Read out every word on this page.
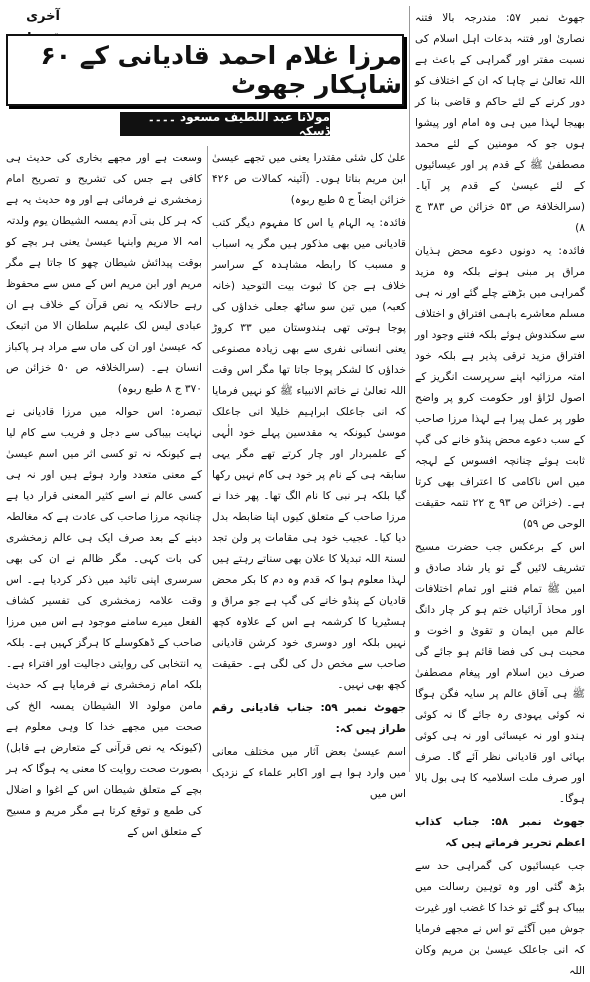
آخری
مرزا غلام احمد قادیانی کے ۶۰ شاہکار جھوٹ
مولانا عبد اللطیف مسعود ۔۔۔۔ ڈسکہ

جھوٹ نمبر ۵۷: مندرجہ بالا فتنہ نصاریٰ اور فتنہ بدعات اہل اسلام کی نسبت مفتر اور گمراہی کے باعث ہے اللہ تعالیٰ نے چاہا کہ ان کے اختلاف کو دور کرنے کے لئے حاکم و قاضی بنا کر بھیجا لہذا میں ہی وہ امام اور پیشوا ہوں جو کہ مومنین کے لئے محمد مصطفیٰ ﷺ کے قدم پر اور عیسائیوں کے لئے عیسیٰ کے قدم پر آیا۔ (سرالخلافۃ ص ۵۳ خزائن ص ۳۸۳ ج ۸)

فائدہ: یہ دونوں دعوے محض ہذیان مراق پر مبنی ہونے بلکہ وہ مزید گمراہی میں بڑھتے چلے گئے اور نہ ہی مسلم معاشرے باہمی افتراق و اختلاف سے سکندوش ہوئے بلکہ فتنے وجود اور افتراق مزید ترقی پذیر ہے بلکہ خود امتہ مرزائیہ اپنے سرپرست انگریز کے اصول لڑاؤ اور حکومت کرو پر واضح طور پر عمل پیرا ہے لہذا مرزا صاحب کے سب دعوے محض پنڈو خانے کی گپ ثابت ہوئے چنانچہ افسوس کے لہجہ میں اس ناکامی کا اعتراف بھی کرتا ہے۔ (خزائن ص ۹۳ ج ۲۲ تتمہ حقیقت الوحی ص ۵۹)

اس کے برعکس جب حضرت مسیح تشریف لائیں گے تو یار شاد صادق و امین ﷺ تمام فتنے اور تمام اختلافات اور محاذ آرائیاں ختم ہو کر چار دانگ عالم میں ایمان و تقویٰ و اخوت و محبت ہی کی فضا قائم ہو جائے گی صرف دین اسلام اور پیغام مصطفیٰ ﷺ ہی آفاق عالم پر سایہ فگن ہوگا نہ کوئی یہودی رہ جائے گا نہ کوئی ہندو اور نہ عیسائی اور نہ ہی کوئی بہائی اور قادیانی نظر آئے گا۔ صرف اور صرف ملت اسلامیہ کا ہی بول بالا ہوگا۔

جھوٹ نمبر ۵۸: جناب کذاب اعظم تحریر فرماتے ہیں کہ

جب عیسائیوں کی گمراہی حد سے بڑھ گئی اور وہ توہین رسالت میں بیباک ہو گئے تو خدا کا غضب اور غیرت جوش میں آگئے تو اس نے مجھے فرمایا کہ انی جاعلک عیسیٰ بن مریم وکان اللہ

علیٰ کل شئی مقتدرا یعنی میں تجھے عیسیٰ ابن مریم بناتا ہوں۔ (آئینہ کمالات ص ۴۲۶ خزائن ایضاً ج ۵ طبع ربوہ)

فائدہ: یہ الہام یا اس کا مفہوم دیگر کتب قادیانی میں بھی مذکور ہیں مگر یہ اسباب و مسبب کا رابطہ مشاہدہ کے سراسر خلاف ہے جن کا ثبوت بیت التوحید (خانہ کعبہ) میں تین سو ساٹھ جعلی خداؤں کی پوجا ہوتی تھی ہندوستان میں ۳۳ کروڑ یعنی انسانی نفری سے بھی زیادہ مصنوعی خداؤں کا لشکر پوجا جاتا تھا مگر اس وقت اللہ تعالیٰ نے خاتم الانبیاء ﷺ کو نہیں فرمایا کہ انی جاعلک ابراہیم خلیلا انی جاعلک موسیٰ کیونکہ یہ مقدسین پہلے خود الٰہی کے علمبردار اور چار کرتے تھے مگر یہی سابقہ ہی کے نام پر خود ہی کام نہیں رکھا گیا بلکہ ہر نبی کا نام الگ تھا۔ پھر خدا نے مرزا صاحب کے متعلق کیوں اپنا ضابطہ بدل دیا کیا۔ عجیب خود ہی مقامات پر ولن تجد لسنۃ اللہ تبدیلا کا علان بھی سناتے رہتے ہیں لہذا معلوم ہوا کہ قدم وہ دم کا بکر محض قادیان کے پنڈو خانے کی گپ ہے جو مراق و ہسٹیریا کا کرشمہ ہے اس کے علاوہ کچھ نہیں بلکہ اور دوسری خود کرشن قادیانی صاحب سے مخص دل کی لگی ہے۔ حقیقت کچھ بھی نہیں۔

جھوٹ نمبر ۵۹: جناب قادیانی رقم طراز ہیں کہ:

اسم عیسیٰ بعض آثار میں مختلف معانی میں وارد ہوا ہے اور اکابر علماء کے نزدیک اس میں

وسعت ہے اور مجھے بخاری کی حدیث ہی کافی ہے جس کی تشریح و تصریح امام زمخشری نے فرمائی ہے اور وہ حدیث یہ ہے کہ ہر کل بنی آدم یمسہ الشیطان یوم ولدتہ امہ الا مریم وابنہا عیسیٰ یعنی ہر بچے کو بوقت پیدائش شیطان چھو کا جاتا ہے مگر مریم اور ابن مریم اس کے مس سے محفوظ رہے حالانکہ یہ نص قرآن کے خلاف ہے ان عبادی لیس لک علیہم سلطان الا من اتبعک کہ عیسیٰ اور ان کی ماں سے مراد ہر پاکباز انسان ہے۔ (سرالخلافہ ص ۵۰ خزائن ص ۳۷۰ ج ۸ طبع ربوہ)

تبصرہ: اس حوالہ میں مرزا قادیانی نے نہایت بیباکی سے دجل و فریب سے کام لیا ہے کیونکہ نہ تو کسی اثر میں اسم عیسیٰ کے معنی متعدد وارد ہوئے ہیں اور نہ ہی کسی عالم نے اسے کثیر المعنی قرار دیا ہے چنانچہ مرزا صاحب کی عادت ہے کہ مغالطہ دینے کے بعد صرف ایک ہی عالم زمخشری کی بات کہی۔ مگر ظالم نے ان کی بھی سرسری اپنی تائید میں ذکر کردیا ہے۔ اس وقت علامہ زمخشری کی تفسیر کشاف الفعل میرے سامنے موجود ہے اس میں مرزا صاحب کے ڈھکوسلے کا ہرگز کہیں ہے۔ بلکہ یہ انتخابی کی روایتی دجالیت اور افتراء ہے۔ بلکہ امام زمخشری نے فرمایا ہے کہ حدیث مامن مولود الا الشیطان یمسہ الخ کی صحت میں مجھے خدا کا وہی معلوم ہے (کیونکہ یہ نص قرآنی کے متعارض ہے قابل) بصورت صحت روایت کا معنی یہ ہوگا کہ ہر بچے کے متعلق شیطان اس کے اغوا و اضلال کی طمع و توقع کرتا ہے مگر مریم و مسیح کے متعلق اس کے
